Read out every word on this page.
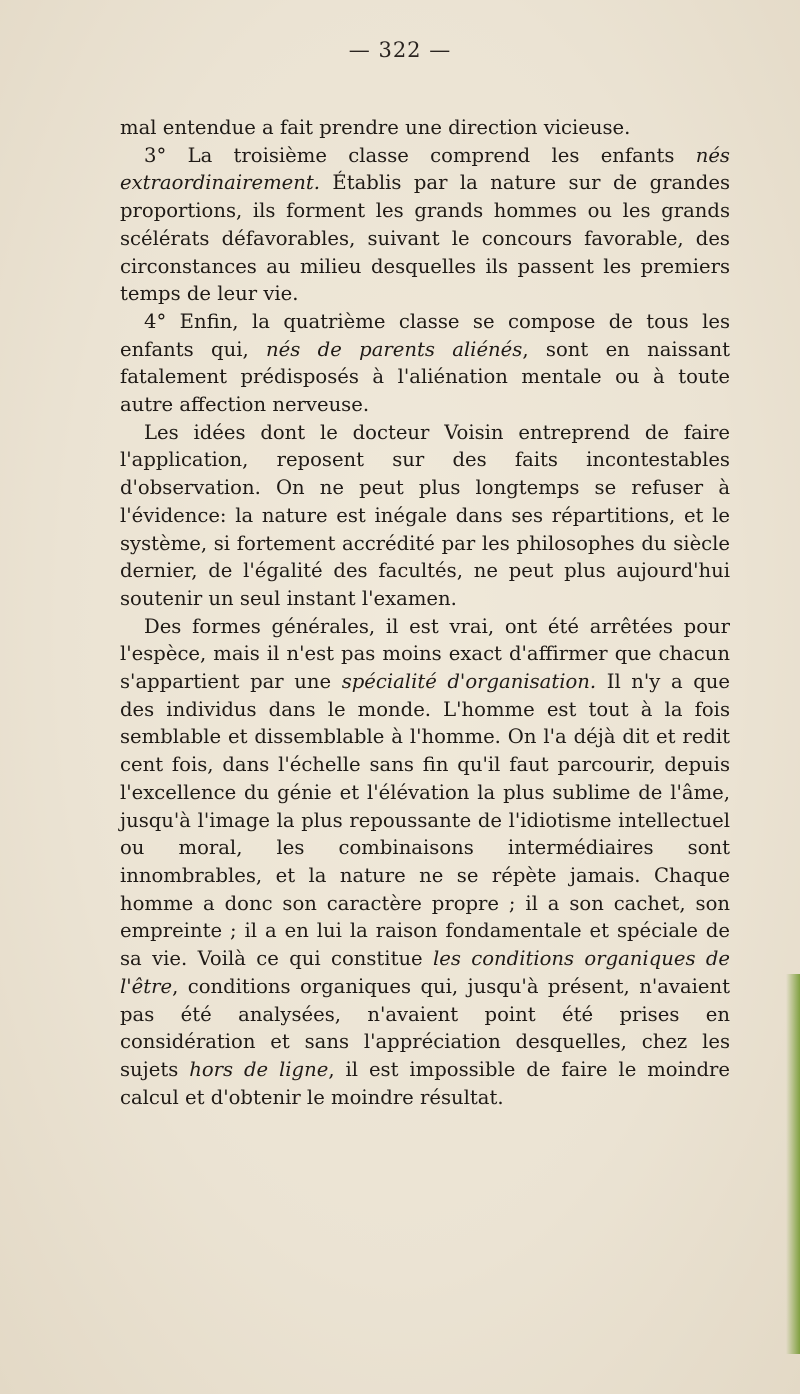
— 322 —

mal entendue a fait prendre une direction vicieuse.

3° La troisième classe comprend les enfants nés extraordinairement. Établis par la nature sur de grandes proportions, ils forment les grands hommes ou les grands scélérats défavorables, suivant le concours favorable, des circonstances au milieu desquelles ils passent les premiers temps de leur vie.

4° Enfin, la quatrième classe se compose de tous les enfants qui, nés de parents aliénés, sont en naissant fatalement prédisposés à l'aliénation mentale ou à toute autre affection nerveuse.

Les idées dont le docteur Voisin entreprend de faire l'application, reposent sur des faits incontestables d'observation. On ne peut plus longtemps se refuser à l'évidence: la nature est inégale dans ses répartitions, et le système, si fortement accrédité par les philosophes du siècle dernier, de l'égalité des facultés, ne peut plus aujourd'hui soutenir un seul instant l'examen.

Des formes générales, il est vrai, ont été arrêtées pour l'espèce, mais il n'est pas moins exact d'affirmer que chacun s'appartient par une spécialité d'organisation. Il n'y a que des individus dans le monde. L'homme est tout à la fois semblable et dissemblable à l'homme. On l'a déjà dit et redit cent fois, dans l'échelle sans fin qu'il faut parcourir, depuis l'excellence du génie et l'élévation la plus sublime de l'âme, jusqu'à l'image la plus repoussante de l'idiotisme intellectuel ou moral, les combinaisons intermédiaires sont innombrables, et la nature ne se répète jamais. Chaque homme a donc son caractère propre ; il a son cachet, son empreinte ; il a en lui la raison fondamentale et spéciale de sa vie. Voilà ce qui constitue les conditions organiques de l'être, conditions organiques qui, jusqu'à présent, n'avaient pas été analysées, n'avaient point été prises en considération et sans l'appréciation desquelles, chez les sujets hors de ligne, il est impossible de faire le moindre calcul et d'obtenir le moindre résultat.
